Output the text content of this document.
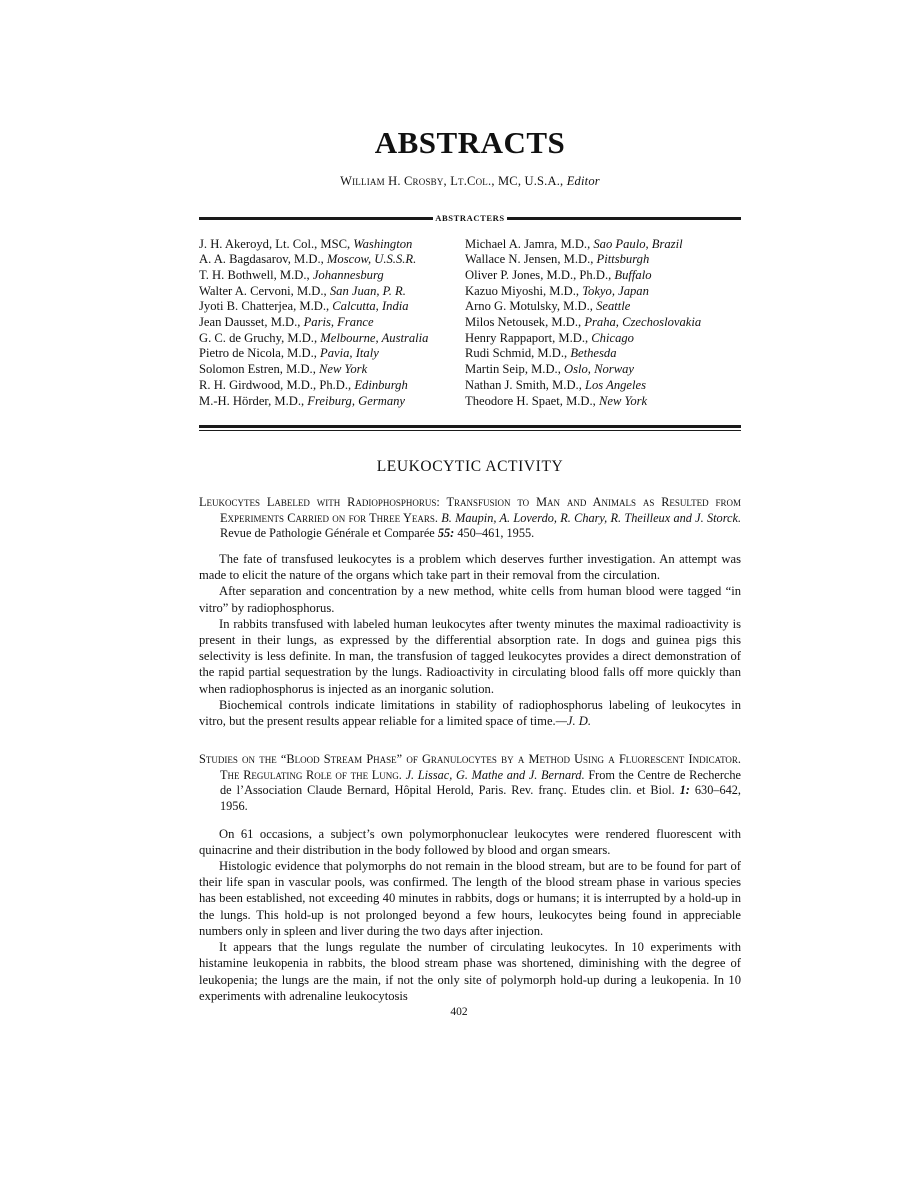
ABSTRACTS
William H. Crosby, Lt.Col., MC, U.S.A., Editor
ABSTRACTERS
J. H. Akeroyd, Lt. Col., MSC, Washington
A. A. Bagdasarov, M.D., Moscow, U.S.S.R.
T. H. Bothwell, M.D., Johannesburg
Walter A. Cervoni, M.D., San Juan, P. R.
Jyoti B. Chatterjea, M.D., Calcutta, India
Jean Dausset, M.D., Paris, France
G. C. de Gruchy, M.D., Melbourne, Australia
Pietro de Nicola, M.D., Pavia, Italy
Solomon Estren, M.D., New York
R. H. Girdwood, M.D., Ph.D., Edinburgh
M.-H. Hörder, M.D., Freiburg, Germany
Michael A. Jamra, M.D., Sao Paulo, Brazil
Wallace N. Jensen, M.D., Pittsburgh
Oliver P. Jones, M.D., Ph.D., Buffalo
Kazuo Miyoshi, M.D., Tokyo, Japan
Arno G. Motulsky, M.D., Seattle
Milos Netousek, M.D., Praha, Czechoslovakia
Henry Rappaport, M.D., Chicago
Rudi Schmid, M.D., Bethesda
Martin Seip, M.D., Oslo, Norway
Nathan J. Smith, M.D., Los Angeles
Theodore H. Spaet, M.D., New York
LEUKOCYTIC ACTIVITY
Leukocytes Labeled with Radiophosphorus: Transfusion to Man and Animals as Resulted from Experiments Carried on for Three Years. B. Maupin, A. Loverdo, R. Chary, R. Theilleux and J. Storck. Revue de Pathologie Générale et Comparée 55: 450–461, 1955.

The fate of transfused leukocytes is a problem which deserves further investigation. An attempt was made to elicit the nature of the organs which take part in their removal from the circulation.

After separation and concentration by a new method, white cells from human blood were tagged “in vitro” by radiophosphorus.

In rabbits transfused with labeled human leukocytes after twenty minutes the maximal radioactivity is present in their lungs, as expressed by the differential absorption rate. In dogs and guinea pigs this selectivity is less definite. In man, the transfusion of tagged leukocytes provides a direct demonstration of the rapid partial sequestration by the lungs. Radioactivity in circulating blood falls off more quickly than when radiophosphorus is injected as an inorganic solution.

Biochemical controls indicate limitations in stability of radiophosphorus labeling of leukocytes in vitro, but the present results appear reliable for a limited space of time.—J. D.

Studies on the “Blood Stream Phase” of Granulocytes by a Method Using a Fluorescent Indicator. The Regulating Role of the Lung. J. Lissac, G. Mathe and J. Bernard. From the Centre de Recherche de l’Association Claude Bernard, Hôpital Herold, Paris. Rev. franç. Etudes clin. et Biol. 1: 630–642, 1956.

On 61 occasions, a subject’s own polymorphonuclear leukocytes were rendered fluorescent with quinacrine and their distribution in the body followed by blood and organ smears.

Histologic evidence that polymorphs do not remain in the blood stream, but are to be found for part of their life span in vascular pools, was confirmed. The length of the blood stream phase in various species has been established, not exceeding 40 minutes in rabbits, dogs or humans; it is interrupted by a hold-up in the lungs. This hold-up is not prolonged beyond a few hours, leukocytes being found in appreciable numbers only in spleen and liver during the two days after injection.

It appears that the lungs regulate the number of circulating leukocytes. In 10 experiments with histamine leukopenia in rabbits, the blood stream phase was shortened, diminishing with the degree of leukopenia; the lungs are the main, if not the only site of polymorph hold-up during a leukopenia. In 10 experiments with adrenaline leukocytosis

402
